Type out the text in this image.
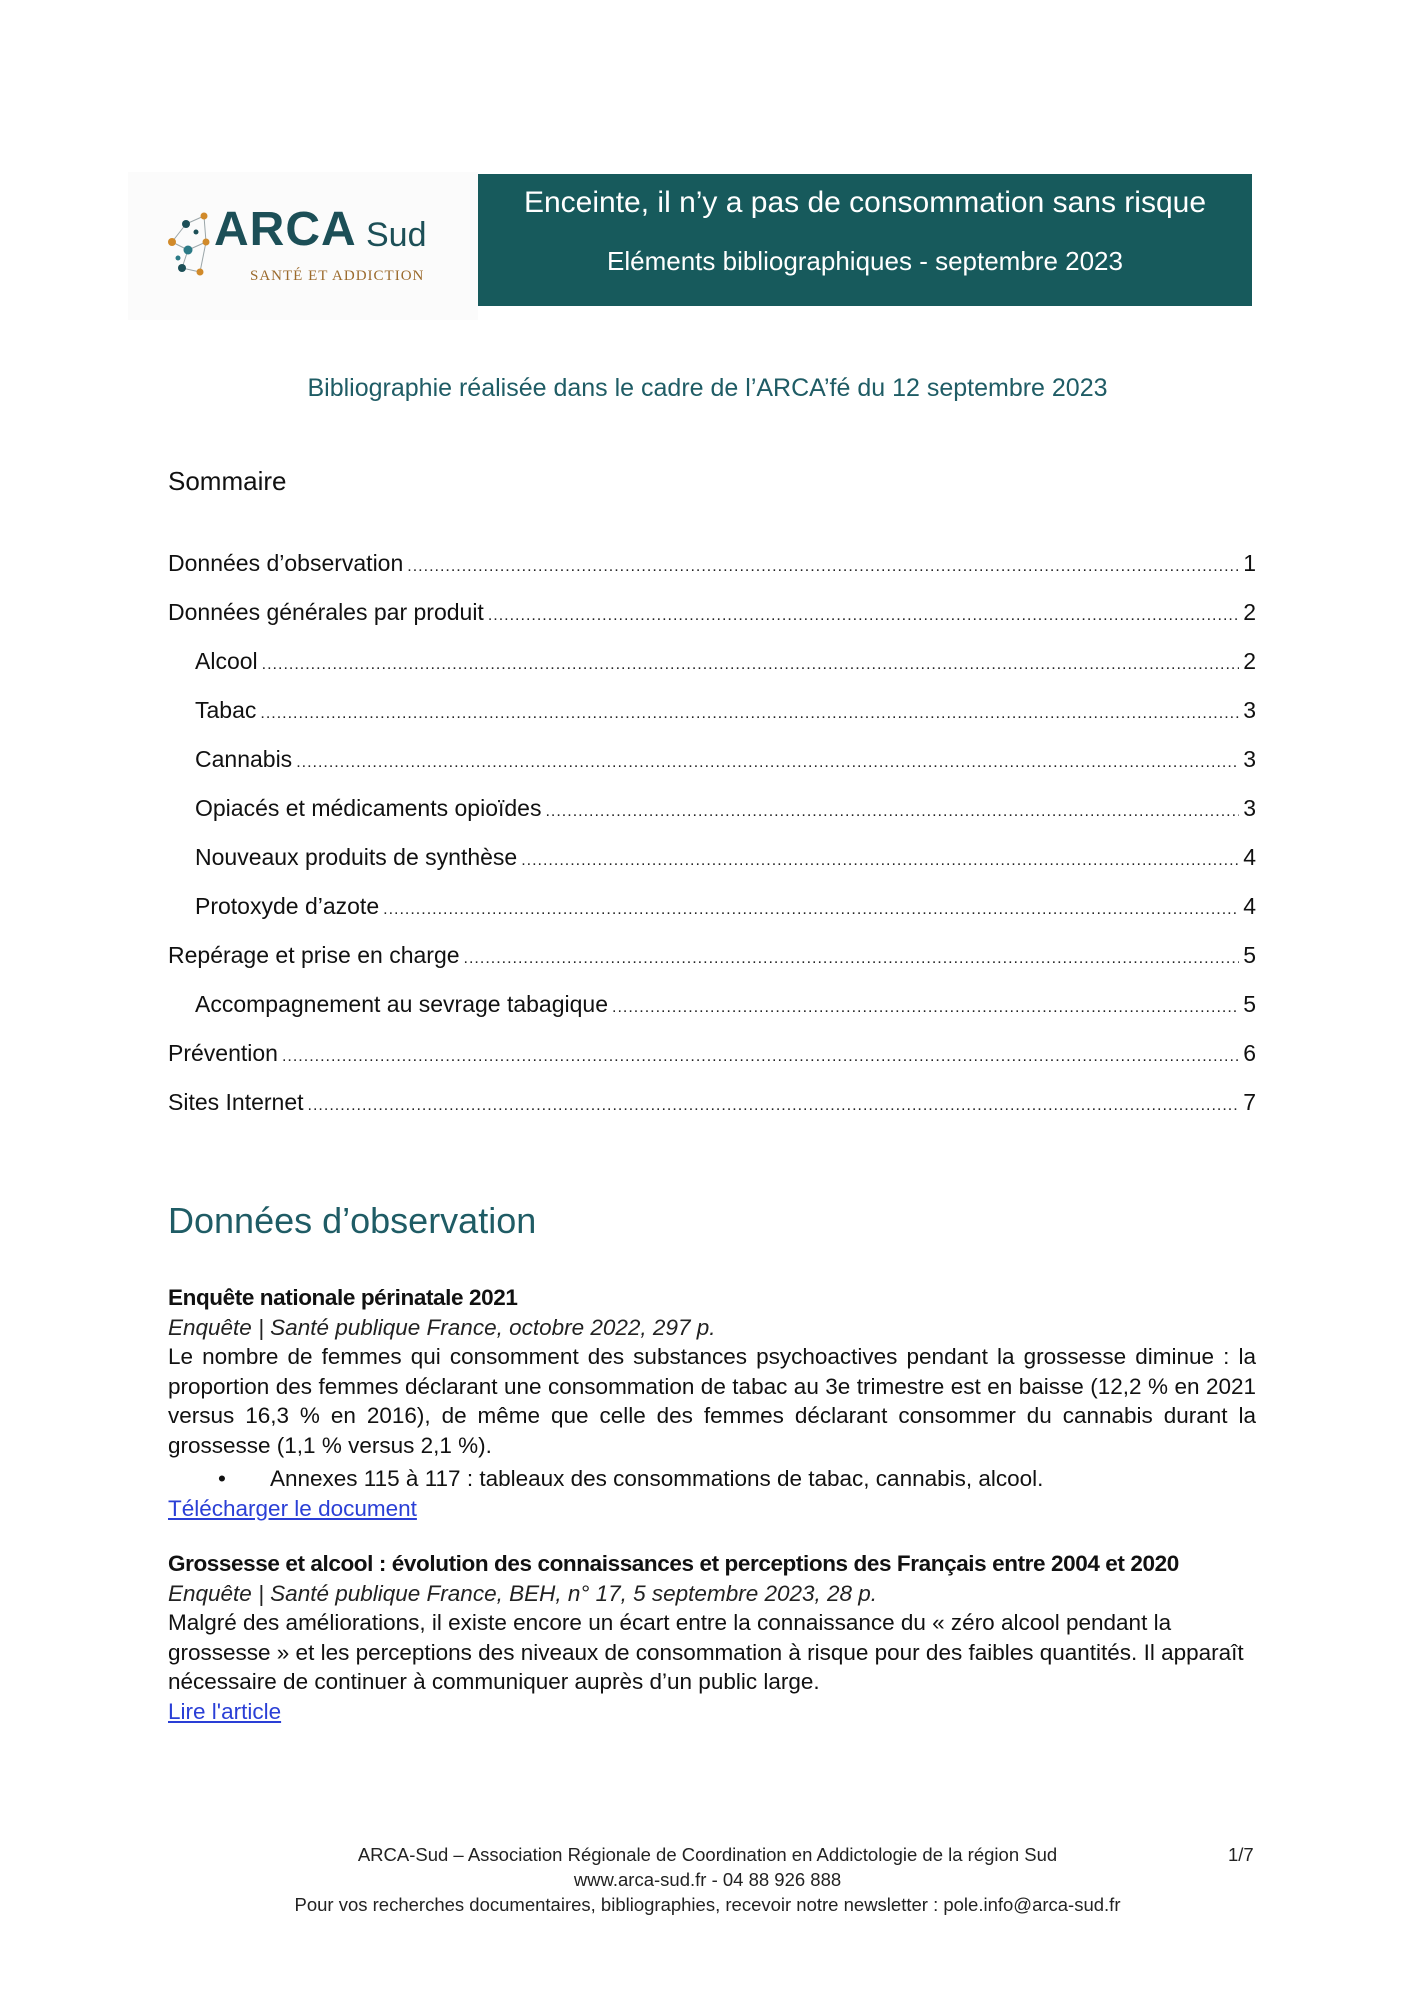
ARCA Sud
SANTÉ ET ADDICTION
Enceinte, il n’y a pas de consommation sans risque
Eléments bibliographiques - septembre 2023
Bibliographie réalisée dans le cadre de l’ARCA’fé du 12 septembre 2023
Sommaire
Données d’observation .....	1
Données générales par produit .....	2
Alcool .....	2
Tabac .....	3
Cannabis .....	3
Opiacés et médicaments opioïdes .....	3
Nouveaux produits de synthèse .....	4
Protoxyde d’azote .....	4
Repérage et prise en charge .....	5
Accompagnement au sevrage tabagique .....	5
Prévention .....	6
Sites Internet .....	7
Données d’observation
Enquête nationale périnatale 2021
Enquête | Santé publique France, octobre 2022, 297 p.
Le nombre de femmes qui consomment des substances psychoactives pendant la grossesse diminue : la proportion des femmes déclarant une consommation de tabac au 3e trimestre est en baisse (12,2 % en 2021 versus 16,3 % en 2016), de même que celle des femmes déclarant consommer du cannabis durant la grossesse (1,1 % versus 2,1 %).
• Annexes 115 à 117 : tableaux des consommations de tabac, cannabis, alcool.
Télécharger le document
Grossesse et alcool : évolution des connaissances et perceptions des Français entre 2004 et 2020
Enquête | Santé publique France, BEH, n° 17, 5 septembre 2023, 28 p.
Malgré des améliorations, il existe encore un écart entre la connaissance du « zéro alcool pendant la grossesse » et les perceptions des niveaux de consommation à risque pour des faibles quantités. Il apparaît nécessaire de continuer à communiquer auprès d’un public large.
Lire l'article
ARCA-Sud – Association Régionale de Coordination en Addictologie de la région Sud	1/7
www.arca-sud.fr - 04 88 926 888
Pour vos recherches documentaires, bibliographies, recevoir notre newsletter : pole.info@arca-sud.fr
